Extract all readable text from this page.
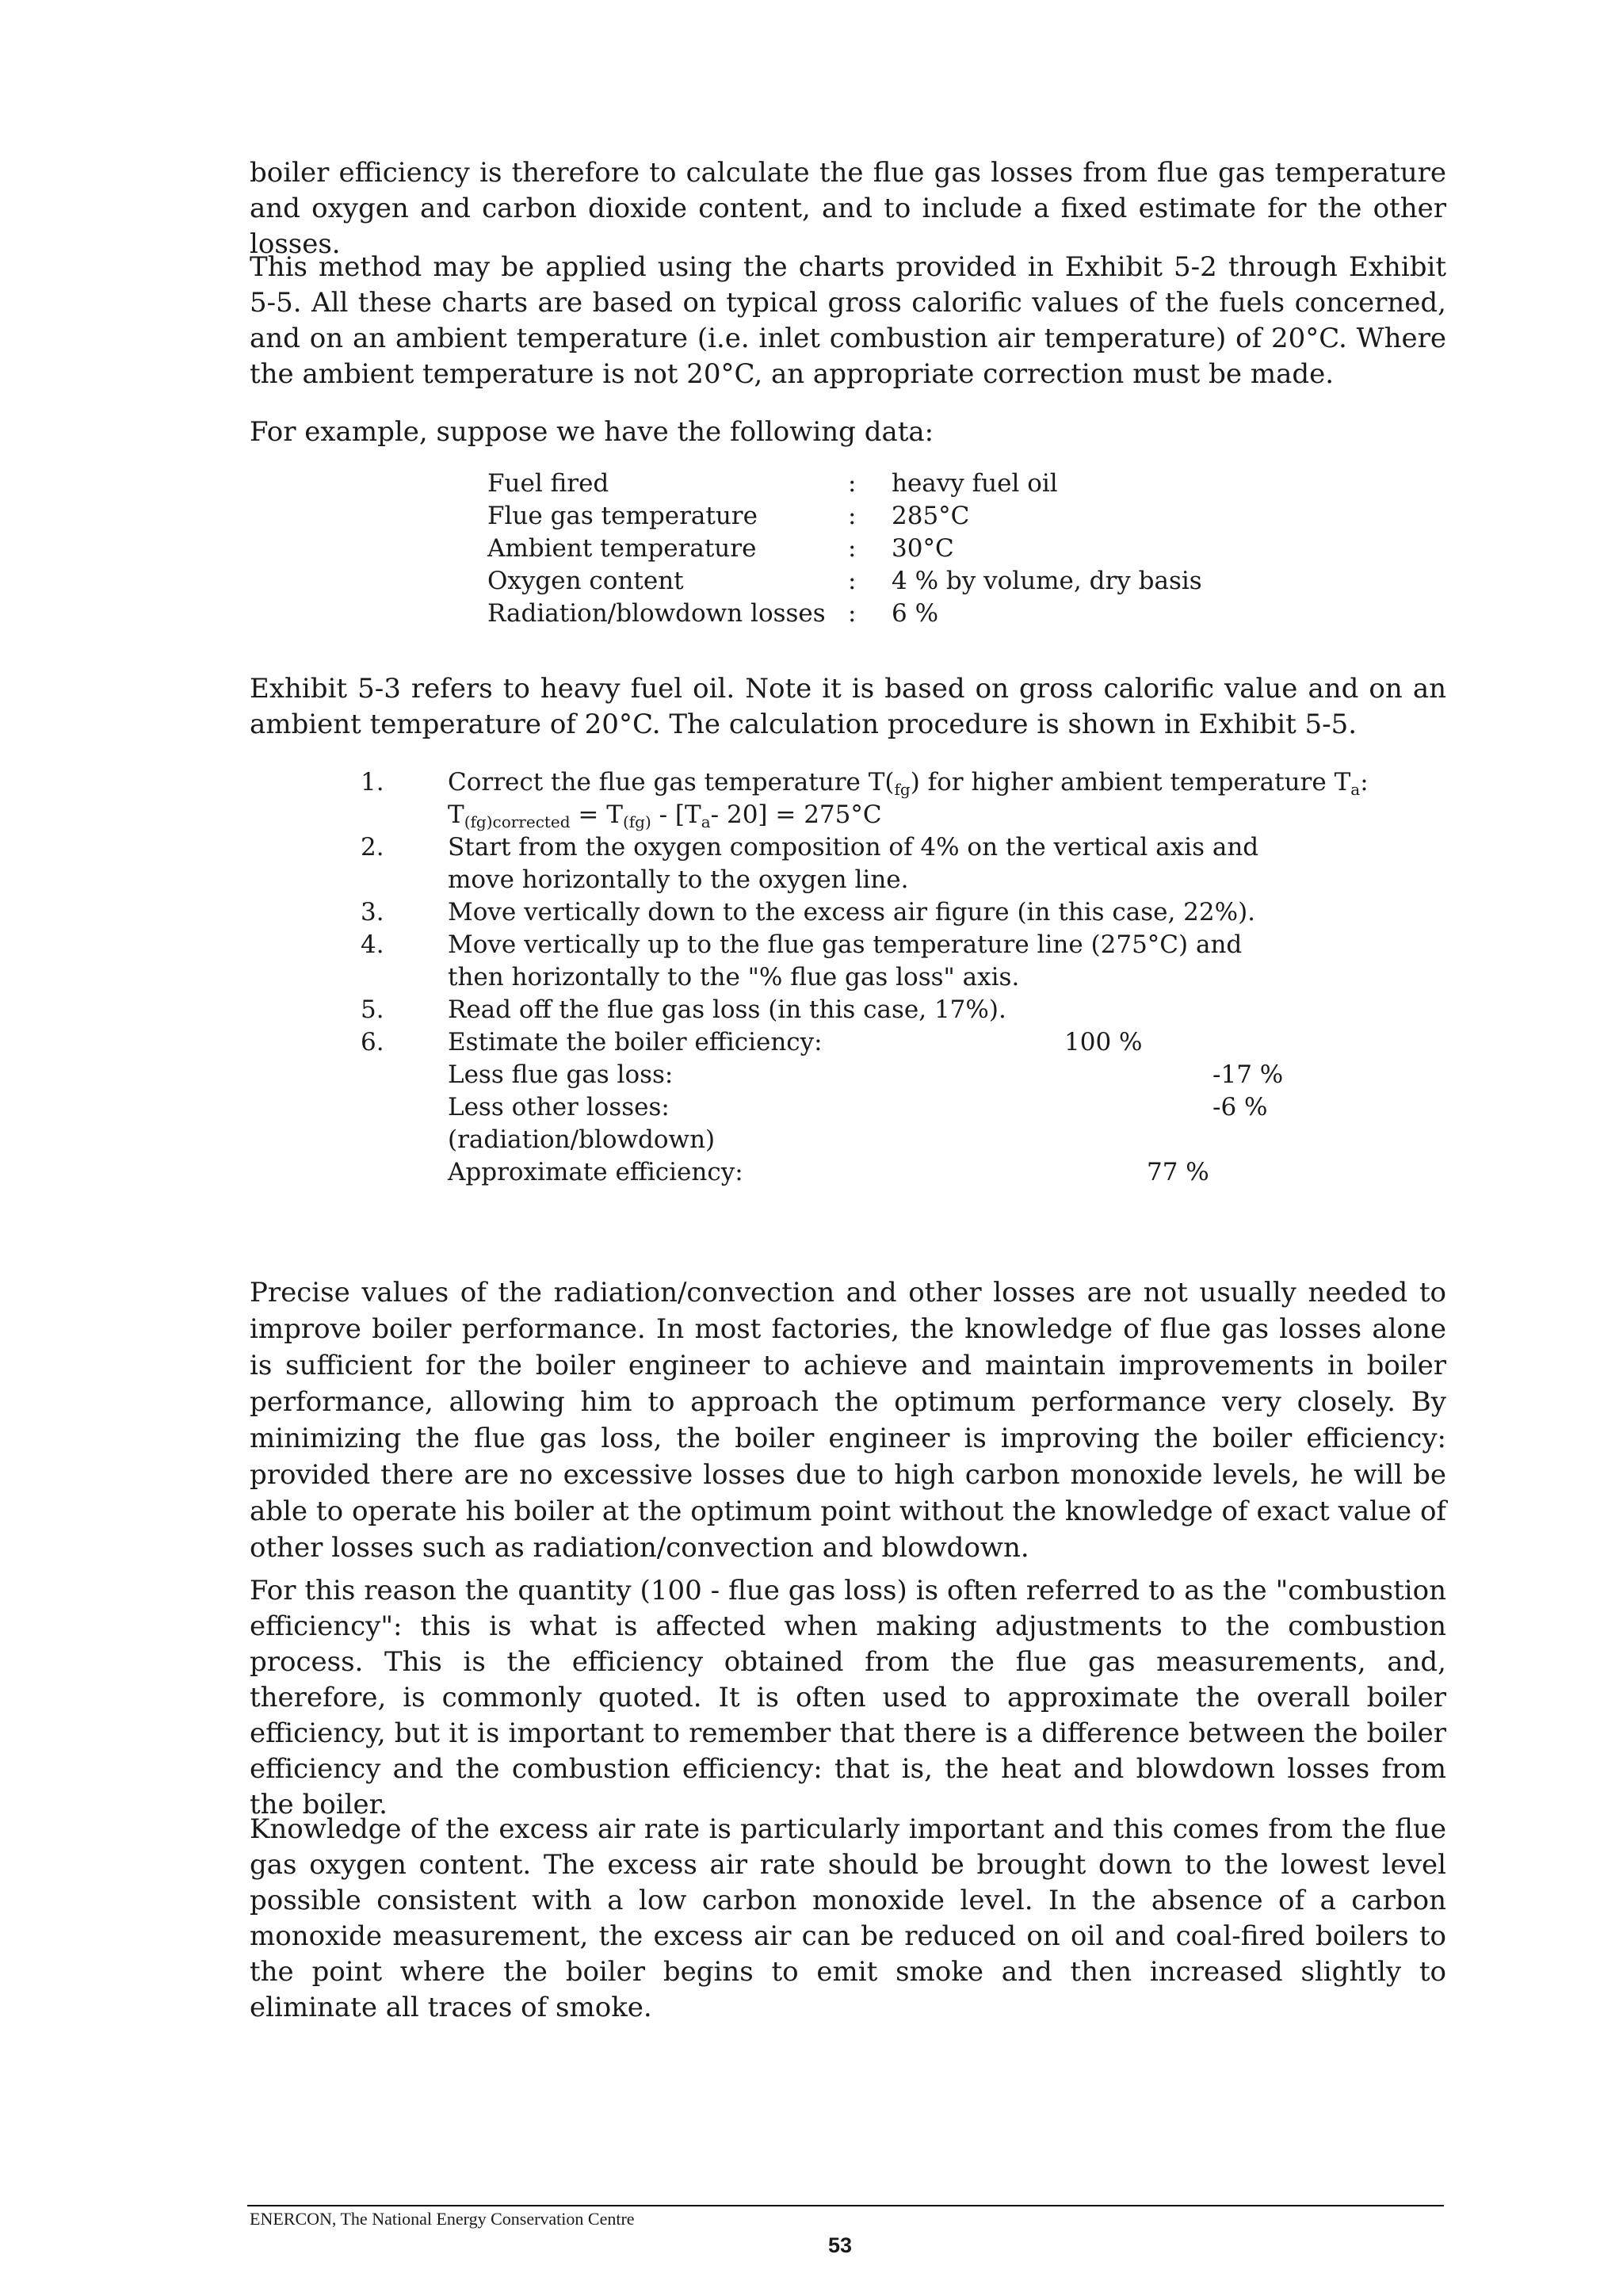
boiler efficiency is therefore to calculate the flue gas losses from flue gas temperature and oxygen and carbon dioxide content, and to include a fixed estimate for the other losses.

This method may be applied using the charts provided in Exhibit 5-2 through Exhibit 5-5. All these charts are based on typical gross calorific values of the fuels concerned, and on an ambient temperature (i.e. inlet combustion air temperature) of 20°C. Where the ambient temperature is not 20°C, an appropriate correction must be made.

For example, suppose we have the following data:

Fuel fired	:	heavy fuel oil
Flue gas temperature	:	285°C
Ambient temperature	:	30°C
Oxygen content	:	4 % by volume, dry basis
Radiation/blowdown losses	:	6 %

Exhibit 5-3 refers to heavy fuel oil. Note it is based on gross calorific value and on an ambient temperature of 20°C. The calculation procedure is shown in Exhibit 5-5.

1.	Correct the flue gas temperature $T(_{fg})$ for higher ambient temperature $T_a$:
$T_{(fg)corrected} = T_{(fg)} - [T_a-$ 20] = 275°C
2.	Start from the oxygen composition of 4% on the vertical axis and move horizontally to the oxygen line.
3.	Move vertically down to the excess air figure (in this case, 22%).
4.	Move vertically up to the flue gas temperature line (275°C) and then horizontally to the "% flue gas loss" axis.
5.	Read off the flue gas loss (in this case, 17%).
6.	Estimate the boiler efficiency:	100 %
Less flue gas loss:	-17 %
Less other losses:	-6 %
(radiation/blowdown)
Approximate efficiency:	77 %

Precise values of the radiation/convection and other losses are not usually needed to improve boiler performance. In most factories, the knowledge of flue gas losses alone is sufficient for the boiler engineer to achieve and maintain improvements in boiler performance, allowing him to approach the optimum performance very closely. By minimizing the flue gas loss, the boiler engineer is improving the boiler efficiency: provided there are no excessive losses due to high carbon monoxide levels, he will be able to operate his boiler at the optimum point without the knowledge of exact value of other losses such as radiation/convection and blowdown.

For this reason the quantity (100 - flue gas loss) is often referred to as the "combustion efficiency": this is what is affected when making adjustments to the combustion process. This is the efficiency obtained from the flue gas measurements, and, therefore, is commonly quoted. It is often used to approximate the overall boiler efficiency, but it is important to remember that there is a difference between the boiler efficiency and the combustion efficiency: that is, the heat and blowdown losses from the boiler.

Knowledge of the excess air rate is particularly important and this comes from the flue gas oxygen content. The excess air rate should be brought down to the lowest level possible consistent with a low carbon monoxide level. In the absence of a carbon monoxide measurement, the excess air can be reduced on oil and coal-fired boilers to the point where the boiler begins to emit smoke and then increased slightly to eliminate all traces of smoke.

ENERCON, The National Energy Conservation Centre
53
